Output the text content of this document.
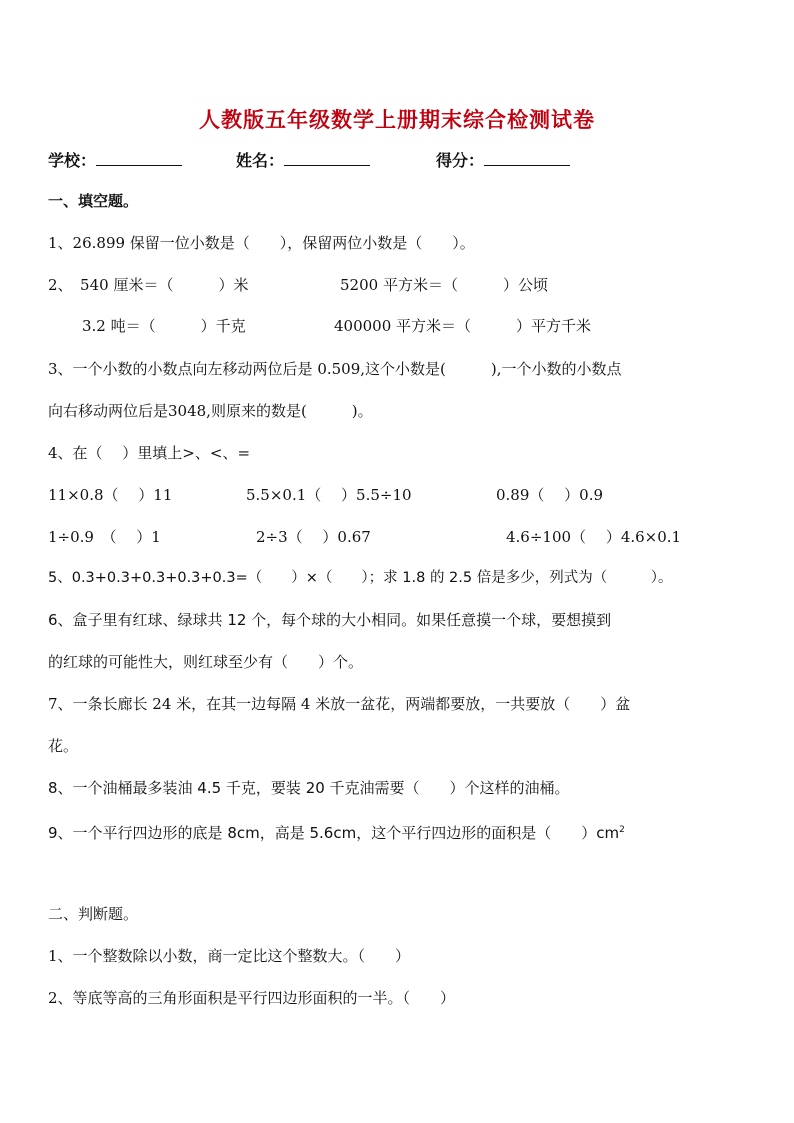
人教版五年级数学上册期末综合检测试卷
学校：	姓名：	得分：
一、填空题。
1、26.899 保留一位小数是（　　），保留两位小数是（　　）。
2、　540 厘米＝（　　　）米	5200 平方米＝（　　　）公顷
3.2 吨＝（　　　）千克	400000 平方米＝（　　　）平方千米
3、一个小数的小数点向左移动两位后是 0.509,这个小数是(　　　),一个小数的小数点
向右移动两位后是3048,则原来的数是(　　　)。
4、在（　 ）里填上>、<、=
11×0.8（　 ）11	5.5×0.1（　 ）5.5÷10	0.89（　 ）0.9
1÷0.9　（　 ）1	2÷3（　 ）0.67	4.6÷100（　 ）4.6×0.1
5、0.3+0.3+0.3+0.3+0.3=（　　）×（　　）；求 1.8 的 2.5 倍是多少，列式为（　　　）。
6、盒子里有红球、绿球共 12 个，每个球的大小相同。如果任意摸一个球，要想摸到
的红球的可能性大，则红球至少有（　　）个。
7、一条长廊长 24 米，在其一边每隔 4 米放一盆花，两端都要放，一共要放（　　）盆
花。
8、一个油桶最多装油 4.5 千克，要装 20 千克油需要（　　）个这样的油桶。
9、一个平行四边形的底是 8cm，高是 5.6cm，这个平行四边形的面积是（　　）$cm^2$
二、判断题。
1、一个整数除以小数，商一定比这个整数大。（　　）
2、等底等高的三角形面积是平行四边形面积的一半。（　　）
